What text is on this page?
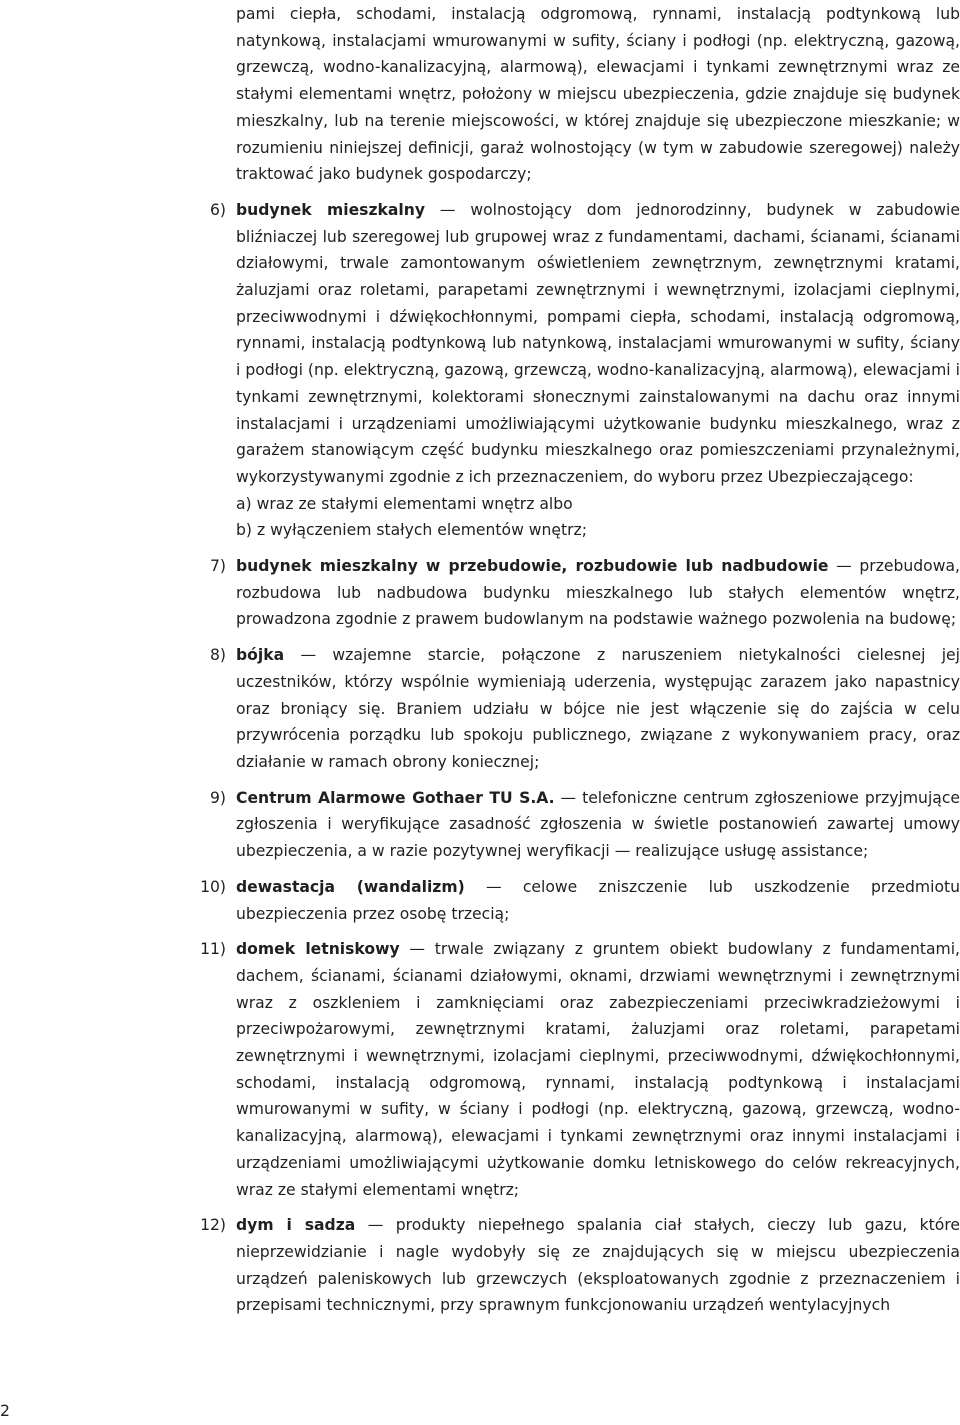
pami ciepła, schodami, instalacją odgromową, rynnami, instalacją podtynkową lub natynkową, instalacjami wmurowanymi w sufity, ściany i podłogi (np. elektryczną, gazową, grzewczą, wodno-kanalizacyjną, alarmową), elewacjami i tynkami zewnętrznymi wraz ze stałymi elementami wnętrz, położony w miejscu ubezpieczenia, gdzie znajduje się budynek mieszkalny, lub na terenie miejscowości, w której znajduje się ubezpieczone mieszkanie; w rozumieniu niniejszej definicji, garaż wolnostojący (w tym w zabudowie szeregowej) należy traktować jako budynek gospodarczy;

6) budynek mieszkalny — wolnostojący dom jednorodzinny, budynek w zabudowie bliźniaczej lub szeregowej lub grupowej wraz z fundamentami, dachami, ścianami, ścianami działowymi, trwale zamontowanym oświetleniem zewnętrznym, zewnętrznymi kratami, żaluzjami oraz roletami, parapetami zewnętrznymi i wewnętrznymi, izolacjami cieplnymi, przeciwwodnymi i dźwiękochłonnymi, pompami ciepła, schodami, instalacją odgromową, rynnami, instalacją podtynkową lub natynkową, instalacjami wmurowanymi w sufity, ściany i podłogi (np. elektryczną, gazową, grzewczą, wodno-kanalizacyjną, alarmową), elewacjami i tynkami zewnętrznymi, kolektorami słonecznymi zainstalowanymi na dachu oraz innymi instalacjami i urządzeniami umożliwiającymi użytkowanie budynku mieszkalnego, wraz z garażem stanowiącym część budynku mieszkalnego oraz pomieszczeniami przynależnymi, wykorzystywanymi zgodnie z ich przeznaczeniem, do wyboru przez Ubezpieczającego:
a) wraz ze stałymi elementami wnętrz albo
b) z wyłączeniem stałych elementów wnętrz;
7) budynek mieszkalny w przebudowie, rozbudowie lub nadbudowie — przebudowa, rozbudowa lub nadbudowa budynku mieszkalnego lub stałych elementów wnętrz, prowadzona zgodnie z prawem budowlanym na podstawie ważnego pozwolenia na budowę;
8) bójka — wzajemne starcie, połączone z naruszeniem nietykalności cielesnej jej uczestników, którzy wspólnie wymieniają uderzenia, występując zarazem jako napastnicy oraz broniący się. Braniem udziału w bójce nie jest włączenie się do zajścia w celu przywrócenia porządku lub spokoju publicznego, związane z wykonywaniem pracy, oraz działanie w ramach obrony koniecznej;
9) Centrum Alarmowe Gothaer TU S.A. — telefoniczne centrum zgłoszeniowe przyjmujące zgłoszenia i weryfikujące zasadność zgłoszenia w świetle postanowień zawartej umowy ubezpieczenia, a w razie pozytywnej weryfikacji — realizujące usługę assistance;
10) dewastacja (wandalizm) — celowe zniszczenie lub uszkodzenie przedmiotu ubezpieczenia przez osobę trzecią;
11) domek letniskowy — trwale związany z gruntem obiekt budowlany z fundamentami, dachem, ścianami, ścianami działowymi, oknami, drzwiami wewnętrznymi i zewnętrznymi wraz z oszkleniem i zamknięciami oraz zabezpieczeniami przeciwkradzieżowymi i przeciwpożarowymi, zewnętrznymi kratami, żaluzjami oraz roletami, parapetami zewnętrznymi i wewnętrznymi, izolacjami cieplnymi, przeciwwodnymi, dźwiękochłonnymi, schodami, instalacją odgromową, rynnami, instalacją podtynkową i instalacjami wmurowanymi w sufity, w ściany i podłogi (np. elektryczną, gazową, grzewczą, wodno-kanalizacyjną, alarmową), elewacjami i tynkami zewnętrznymi oraz innymi instalacjami i urządzeniami umożliwiającymi użytkowanie domku letniskowego do celów rekreacyjnych, wraz ze stałymi elementami wnętrz;
12) dym i sadza — produkty niepełnego spalania ciał stałych, cieczy lub gazu, które nieprzewidzianie i nagle wydobyły się ze znajdujących się w miejscu ubezpieczenia urządzeń paleniskowych lub grzewczych (eksploatowanych zgodnie z przeznaczeniem i przepisami technicznymi, przy sprawnym funkcjonowaniu urządzeń wentylacyjnych
2
